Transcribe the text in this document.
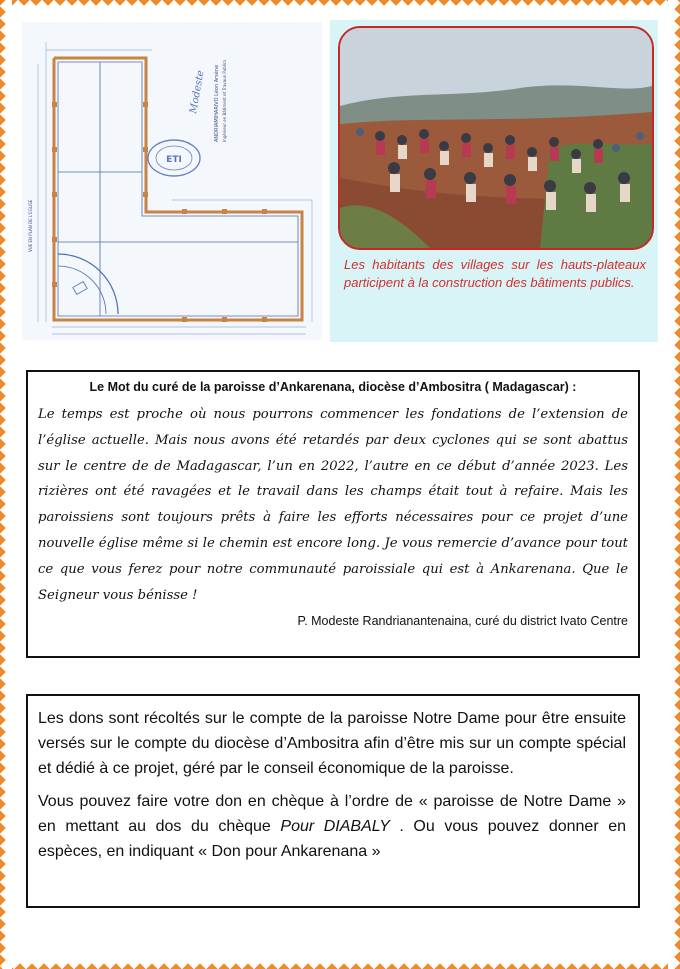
ETI
Modeste ANDRIAMIHARIVO Léon Arsène Ingénieur en Bâtiment et Travaux Publics
VUE EN PLAN DE L'EGLISE
Les habitants des villages sur les hauts-plateaux participent à la construction des bâtiments publics.
Le Mot du curé de la paroisse d’Ankarenana, diocèse d’Ambositra ( Madagascar) :
Le temps est proche où nous pourrons commencer les fondations de l’extension de l’église actuelle. Mais nous avons été retardés par deux cyclones qui se sont abattus sur le centre de de Madagascar, l’un en 2022, l’autre en ce début d’année 2023. Les rizières ont été ravagées et le travail dans les champs était tout à refaire. Mais les paroissiens sont toujours prêts à faire les efforts nécessaires pour ce projet d’une nouvelle église même si le chemin est encore long. Je vous remercie d’avance pour tout ce que vous ferez pour notre communauté paroissiale qui est à Ankarenana. Que le Seigneur vous bénisse !
P. Modeste Randrianantenaina, curé du district Ivato Centre

Les dons sont récoltés sur le compte de la paroisse Notre Dame pour être ensuite versés sur le compte du diocèse d’Ambositra afin d’être mis sur un compte spécial et dédié à ce projet, géré par le conseil économique de la paroisse.

Vous pouvez faire votre don en chèque à l’ordre de « paroisse de Notre Dame » en mettant au dos du chèque Pour DIABALY . Ou vous pouvez donner en espèces, en indiquant « Don pour Ankarenana »
